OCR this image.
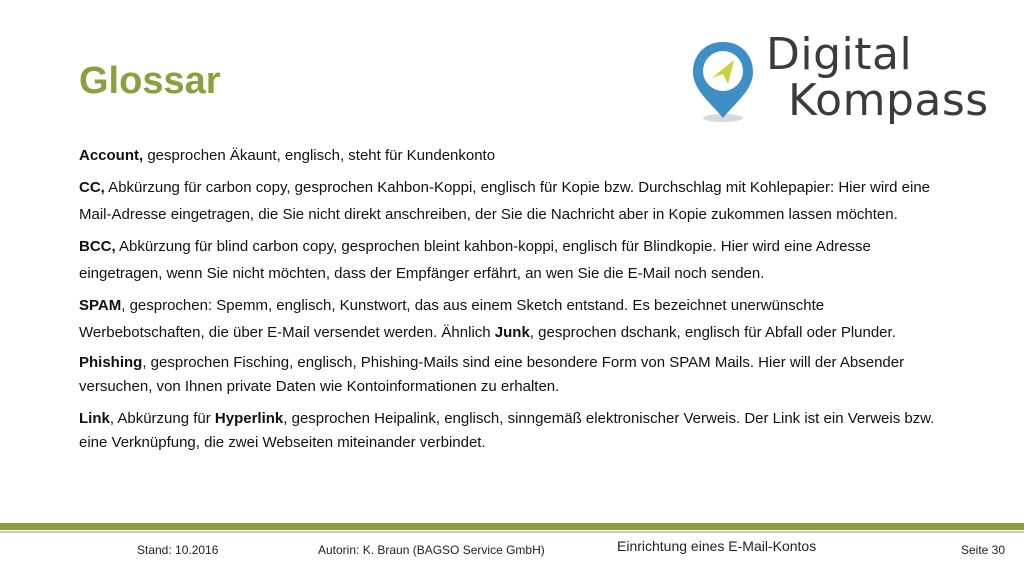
Glossar
Digital
Kompass
Account, gesprochen Äkaunt, englisch, steht für Kundenkonto
CC, Abkürzung für carbon copy, gesprochen Kahbon-Koppi, englisch für Kopie bzw. Durchschlag mit Kohlepapier: Hier wird eine Mail-Adresse eingetragen, die Sie nicht direkt anschreiben, der Sie die Nachricht aber in Kopie zukommen lassen möchten.
BCC, Abkürzung für blind carbon copy, gesprochen bleint kahbon-koppi, englisch für Blindkopie. Hier wird eine Adresse eingetragen, wenn Sie nicht möchten, dass der Empfänger erfährt, an wen Sie die E-Mail noch senden.
SPAM, gesprochen: Spemm, englisch, Kunstwort, das aus einem Sketch entstand. Es bezeichnet unerwünschte Werbebotschaften, die über E-Mail versendet werden. Ähnlich Junk, gesprochen dschank, englisch für Abfall oder Plunder.
Phishing, gesprochen Fisching, englisch, Phishing-Mails sind eine besondere Form von SPAM Mails. Hier will der Absender versuchen, von Ihnen private Daten wie Kontoinformationen zu erhalten.
Link, Abkürzung für Hyperlink, gesprochen Heipalink, englisch, sinngemäß elektronischer Verweis. Der Link ist ein Verweis bzw. eine Verknüpfung, die zwei Webseiten miteinander verbindet.
Stand: 10.2016	Autorin: K. Braun (BAGSO Service GmbH)	Einrichtung eines E-Mail-Kontos	Seite 30
